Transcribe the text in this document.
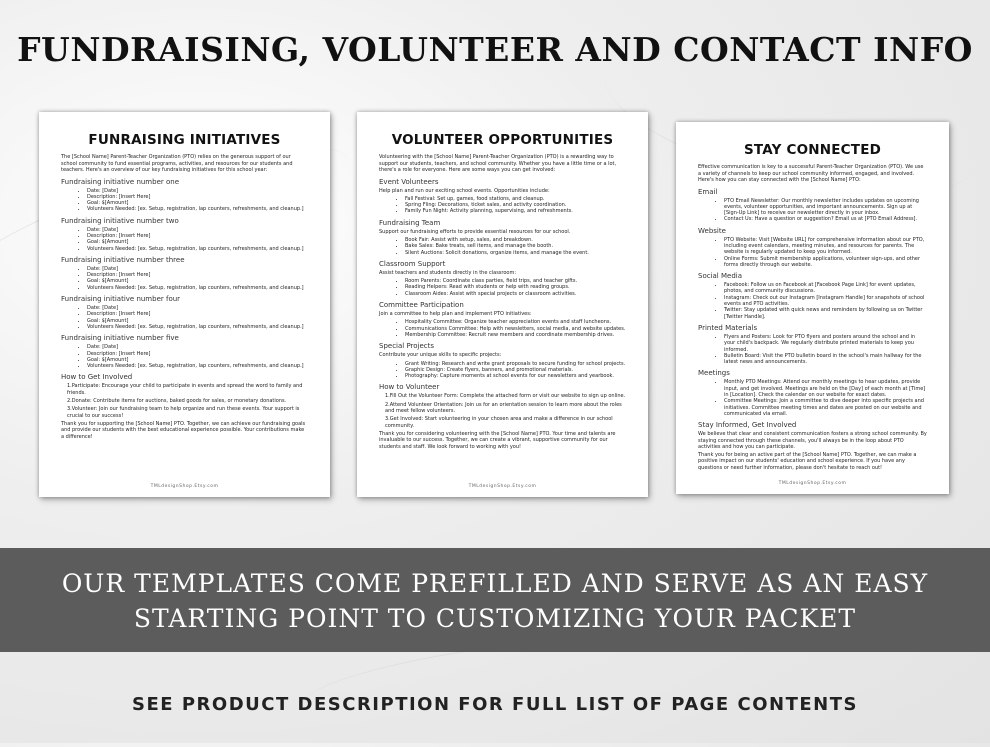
FUNDRAISING, VOLUNTEER AND CONTACT INFO
FUNRAISING INITIATIVES

The [School Name] Parent-Teacher Organization (PTO) relies on the generous support of our school community to fund essential programs, activities, and resources for our students and teachers. Here's an overview of our key fundraising initiatives for this school year:

Fundraising initiative number one
• Date: [Date]
• Description: [Insert Here]
• Goal: $[Amount]
• Volunteers Needed: [ex. Setup, registration, lap counters, refreshments, and cleanup.]
Fundraising initiative number two
• Date: [Date]
• Description: [Insert Here]
• Goal: $[Amount]
• Volunteers Needed: [ex. Setup, registration, lap counters, refreshments, and cleanup.]
Fundraising initiative number three
• Date: [Date]
• Description: [Insert Here]
• Goal: $[Amount]
• Volunteers Needed: [ex. Setup, registration, lap counters, refreshments, and cleanup.]
Fundraising initiative number four
• Date: [Date]
• Description: [Insert Here]
• Goal: $[Amount]
• Volunteers Needed: [ex. Setup, registration, lap counters, refreshments, and cleanup.]
Fundraising initiative number five
• Date: [Date]
• Description: [Insert Here]
• Goal: $[Amount]
• Volunteers Needed: [ex. Setup, registration, lap counters, refreshments, and cleanup.]
How to Get Involved

1.Participate: Encourage your child to participate in events and spread the word to family and friends.

2.Donate: Contribute items for auctions, baked goods for sales, or monetary donations.

3.Volunteer: Join our fundraising team to help organize and run these events. Your support is crucial to our success!

Thank you for supporting the [School Name] PTO. Together, we can achieve our fundraising goals and provide our students with the best educational experience possible. Your contributions make a difference!

TMLdesignShop.Etsy.com
VOLUNTEER OPPORTUNITIES

Volunteering with the [School Name] Parent-Teacher Organization (PTO) is a rewarding way to support our students, teachers, and school community. Whether you have a little time or a lot, there's a role for everyone. Here are some ways you can get involved:

Event Volunteers

Help plan and run our exciting school events. Opportunities include:

• Fall Festival: Set up, games, food stations, and cleanup.
• Spring Fling: Decorations, ticket sales, and activity coordination.
• Family Fun Night: Activity planning, supervising, and refreshments.
Fundraising Team

Support our fundraising efforts to provide essential resources for our school.

• Book Fair: Assist with setup, sales, and breakdown.
• Bake Sales: Bake treats, sell items, and manage the booth.
• Silent Auctions: Solicit donations, organize items, and manage the event.
Classroom Support

Assist teachers and students directly in the classroom:

• Room Parents: Coordinate class parties, field trips, and teacher gifts.
• Reading Helpers: Read with students or help with reading groups.
• Classroom Aides: Assist with special projects or classroom activities.
Committee Participation

Join a committee to help plan and implement PTO initiatives:

• Hospitality Committee: Organize teacher appreciation events and staff luncheons.
• Communications Committee: Help with newsletters, social media, and website updates.
• Membership Committee: Recruit new members and coordinate membership drives.
Special Projects

Contribute your unique skills to specific projects:

• Grant Writing: Research and write grant proposals to secure funding for school projects.
• Graphic Design: Create flyers, banners, and promotional materials.
• Photography: Capture moments at school events for our newsletters and yearbook.
How to Volunteer

1.Fill Out the Volunteer Form: Complete the attached form or visit our website to sign up online.

2.Attend Volunteer Orientation: Join us for an orientation session to learn more about the roles and meet fellow volunteers.

3.Get Involved: Start volunteering in your chosen area and make a difference in our school community.

Thank you for considering volunteering with the [School Name] PTO. Your time and talents are invaluable to our success. Together, we can create a vibrant, supportive community for our students and staff. We look forward to working with you!

TMLdesignShop.Etsy.com
STAY CONNECTED

Effective communication is key to a successful Parent-Teacher Organization (PTO). We use a variety of channels to keep our school community informed, engaged, and involved. Here's how you can stay connected with the [School Name] PTO:

Email
• PTO Email Newsletter: Our monthly newsletter includes updates on upcoming events, volunteer opportunities, and important announcements. Sign up at [Sign-Up Link] to receive our newsletter directly in your inbox.
• Contact Us: Have a question or suggestion? Email us at [PTO Email Address].
Website
• PTO Website: Visit [Website URL] for comprehensive information about our PTO, including event calendars, meeting minutes, and resources for parents. The website is regularly updated to keep you informed.
• Online Forms: Submit membership applications, volunteer sign-ups, and other forms directly through our website.
Social Media
• Facebook: Follow us on Facebook at [Facebook Page Link] for event updates, photos, and community discussions.
• Instagram: Check out our Instagram [Instagram Handle] for snapshots of school events and PTO activities.
• Twitter: Stay updated with quick news and reminders by following us on Twitter [Twitter Handle].
Printed Materials
• Flyers and Posters: Look for PTO flyers and posters around the school and in your child's backpack. We regularly distribute printed materials to keep you informed.
• Bulletin Board: Visit the PTO bulletin board in the school's main hallway for the latest news and announcements.
Meetings
• Monthly PTO Meetings: Attend our monthly meetings to hear updates, provide input, and get involved. Meetings are held on the [Day] of each month at [Time] in [Location]. Check the calendar on our website for exact dates.
• Committee Meetings: Join a committee to dive deeper into specific projects and initiatives. Committee meeting times and dates are posted on our website and communicated via email.
Stay Informed, Get Involved

We believe that clear and consistent communication fosters a strong school community. By staying connected through these channels, you'll always be in the loop about PTO activities and how you can participate.

Thank you for being an active part of the [School Name] PTO. Together, we can make a positive impact on our students' education and school experience. If you have any questions or need further information, please don't hesitate to reach out!

TMLdesignShop.Etsy.com
OUR TEMPLATES COME PREFILLED AND SERVE AS AN EASY
STARTING POINT TO CUSTOMIZING YOUR PACKET
SEE PRODUCT DESCRIPTION FOR FULL LIST OF PAGE CONTENTS
